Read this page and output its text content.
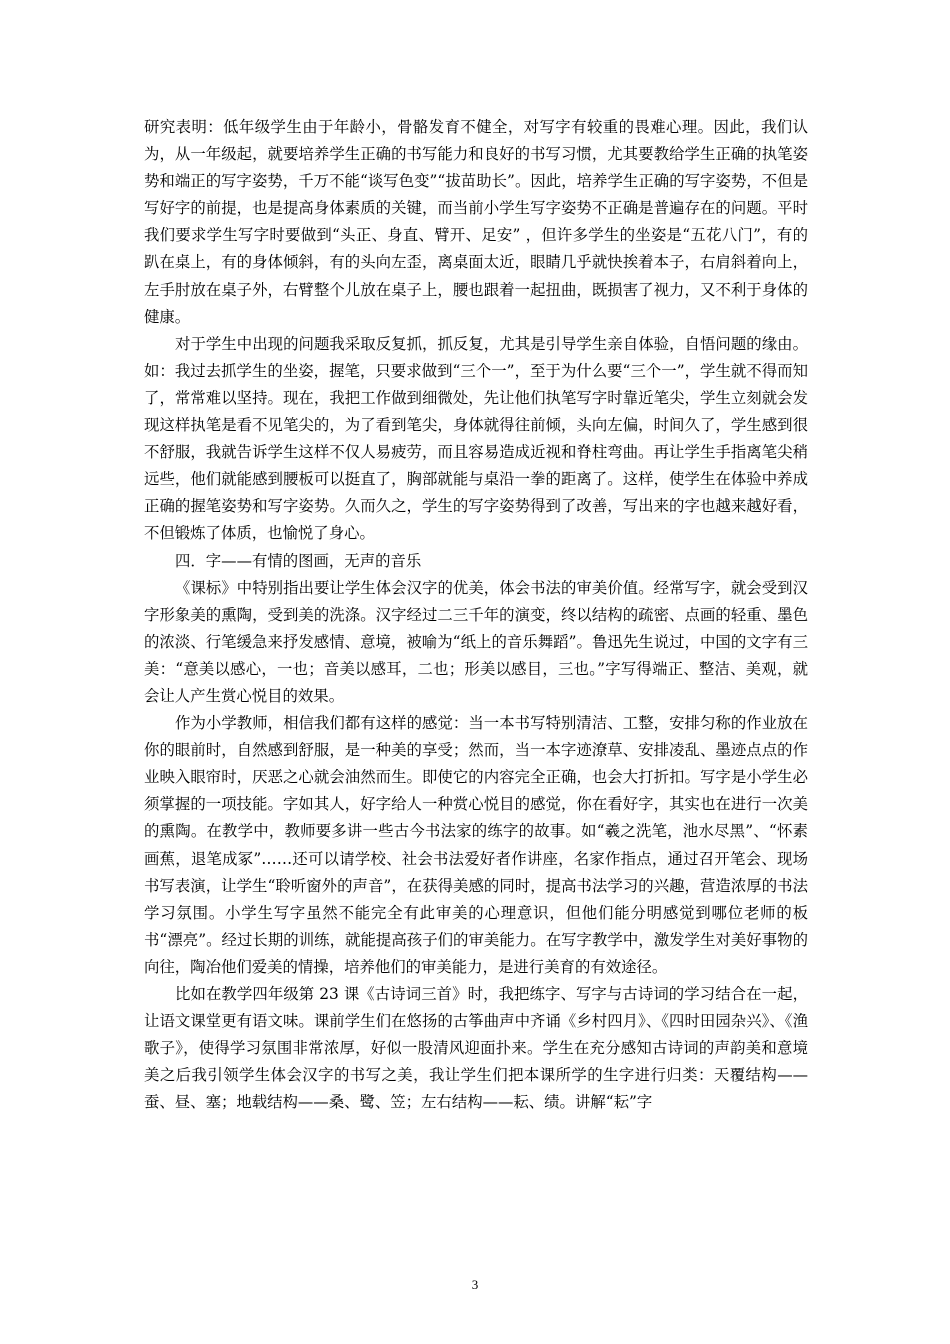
研究表明：低年级学生由于年龄小，骨骼发育不健全，对写字有较重的畏难心理。因此，我们认为，从一年级起，就要培养学生正确的书写能力和良好的书写习惯，尤其要教给学生正确的执笔姿势和端正的写字姿势，千万不能“谈写色变”“拔苗助长”。因此，培养学生正确的写字姿势，不但是写好字的前提，也是提高身体素质的关键，而当前小学生写字姿势不正确是普遍存在的问题。平时我们要求学生写字时要做到“头正、身直、臂开、足安” ，但许多学生的坐姿是“五花八门”，有的趴在桌上，有的身体倾斜，有的头向左歪，离桌面太近，眼睛几乎就快挨着本子，右肩斜着向上，左手肘放在桌子外，右臂整个儿放在桌子上，腰也跟着一起扭曲，既损害了视力，又不利于身体的健康。

对于学生中出现的问题我采取反复抓，抓反复，尤其是引导学生亲自体验，自悟问题的缘由。如：我过去抓学生的坐姿，握笔，只要求做到“三个一”，至于为什么要“三个一”，学生就不得而知了，常常难以坚持。现在，我把工作做到细微处，先让他们执笔写字时靠近笔尖，学生立刻就会发现这样执笔是看不见笔尖的，为了看到笔尖，身体就得往前倾，头向左偏，时间久了，学生感到很不舒服，我就告诉学生这样不仅人易疲劳，而且容易造成近视和脊柱弯曲。再让学生手指离笔尖稍远些，他们就能感到腰板可以挺直了，胸部就能与桌沿一拳的距离了。这样，使学生在体验中养成正确的握笔姿势和写字姿势。久而久之，学生的写字姿势得到了改善，写出来的字也越来越好看，不但锻炼了体质，也愉悦了身心。

四．字——有情的图画，无声的音乐

《课标》中特别指出要让学生体会汉字的优美，体会书法的审美价值。经常写字，就会受到汉字形象美的熏陶，受到美的洗涤。汉字经过二三千年的演变，终以结构的疏密、点画的轻重、墨色的浓淡、行笔缓急来抒发感情、意境，被喻为“纸上的音乐舞蹈”。鲁迅先生说过，中国的文字有三美：“意美以感心，一也；音美以感耳，二也；形美以感目，三也。”字写得端正、整洁、美观，就会让人产生赏心悦目的效果。

作为小学教师，相信我们都有这样的感觉：当一本书写特别清洁、工整，安排匀称的作业放在你的眼前时，自然感到舒服，是一种美的享受；然而，当一本字迹潦草、安排凌乱、墨迹点点的作业映入眼帘时，厌恶之心就会油然而生。即使它的内容完全正确，也会大打折扣。写字是小学生必须掌握的一项技能。字如其人，好字给人一种赏心悦目的感觉，你在看好字，其实也在进行一次美的熏陶。在教学中，教师要多讲一些古今书法家的练字的故事。如“羲之洗笔，池水尽黑”、“怀素画蕉，退笔成冢”……还可以请学校、社会书法爱好者作讲座，名家作指点，通过召开笔会、现场书写表演，让学生“聆听窗外的声音”，在获得美感的同时，提高书法学习的兴趣，营造浓厚的书法学习氛围。小学生写字虽然不能完全有此审美的心理意识，但他们能分明感觉到哪位老师的板书“漂亮”。经过长期的训练，就能提高孩子们的审美能力。在写字教学中，激发学生对美好事物的向往，陶冶他们爱美的情操，培养他们的审美能力，是进行美育的有效途径。

比如在教学四年级第 23 课《古诗词三首》时，我把练字、写字与古诗词的学习结合在一起，让语文课堂更有语文味。课前学生们在悠扬的古筝曲声中齐诵《乡村四月》、《四时田园杂兴》、《渔歌子》，使得学习氛围非常浓厚，好似一股清风迎面扑来。学生在充分感知古诗词的声韵美和意境美之后我引领学生体会汉字的书写之美，我让学生们把本课所学的生字进行归类：天覆结构——蚕、昼、塞；地载结构——桑、鹭、笠；左右结构——耘、绩。讲解“耘”字

3
